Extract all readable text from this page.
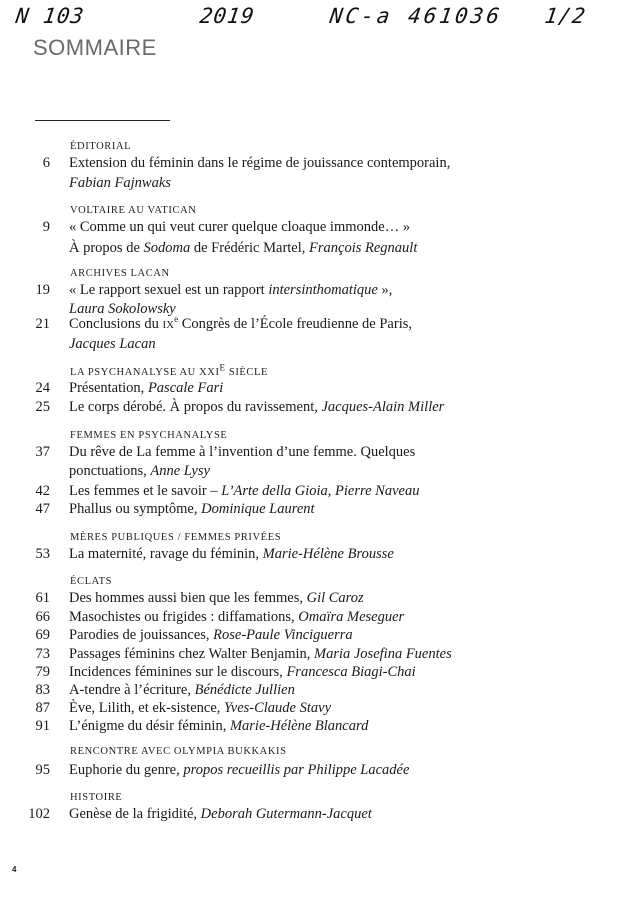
N 103	2019	NC-a 461036 1/2
SOMMAIRE
ÉDITORIAL
6 Extension du féminin dans le régime de jouissance contemporain,
Fabian Fajnwaks
VOLTAIRE AU VATICAN
9 « Comme un qui veut curer quelque cloaque immonde… »
À propos de Sodoma de Frédéric Martel, François Regnault
ARCHIVES LACAN
19 « Le rapport sexuel est un rapport intersinthomatique »,
Laura Sokolowsky
21 Conclusions du IXe Congrès de l’École freudienne de Paris,
Jacques Lacan
LA PSYCHANALYSE AU XXIE SIÈCLE
24 Présentation, Pascale Fari
25 Le corps dérobé. À propos du ravissement, Jacques-Alain Miller
FEMMES EN PSYCHANALYSE
37 Du rêve de La femme à l’invention d’une femme. Quelques
ponctuations, Anne Lysy
42 Les femmes et le savoir – L’Arte della Gioia, Pierre Naveau
47 Phallus ou symptôme, Dominique Laurent
MÈRES PUBLIQUES / FEMMES PRIVÉES
53 La maternité, ravage du féminin, Marie-Hélène Brousse
ÉCLATS
61 Des hommes aussi bien que les femmes, Gil Caroz
66 Masochistes ou frigides : diffamations, Omaïra Meseguer
69 Parodies de jouissances, Rose-Paule Vinciguerra
73 Passages féminins chez Walter Benjamin, Maria Josefina Fuentes
79 Incidences féminines sur le discours, Francesca Biagi-Chai
83 A-tendre à l’écriture, Bénédicte Jullien
87 Ève, Lilith, et ek-sistence, Yves-Claude Stavy
91 L’énigme du désir féminin, Marie-Hélène Blancard
RENCONTRE AVEC OLYMPIA BUKKAKIS
95 Euphorie du genre, propos recueillis par Philippe Lacadée
HISTOIRE
102 Genèse de la frigidité, Deborah Gutermann-Jacquet
4
